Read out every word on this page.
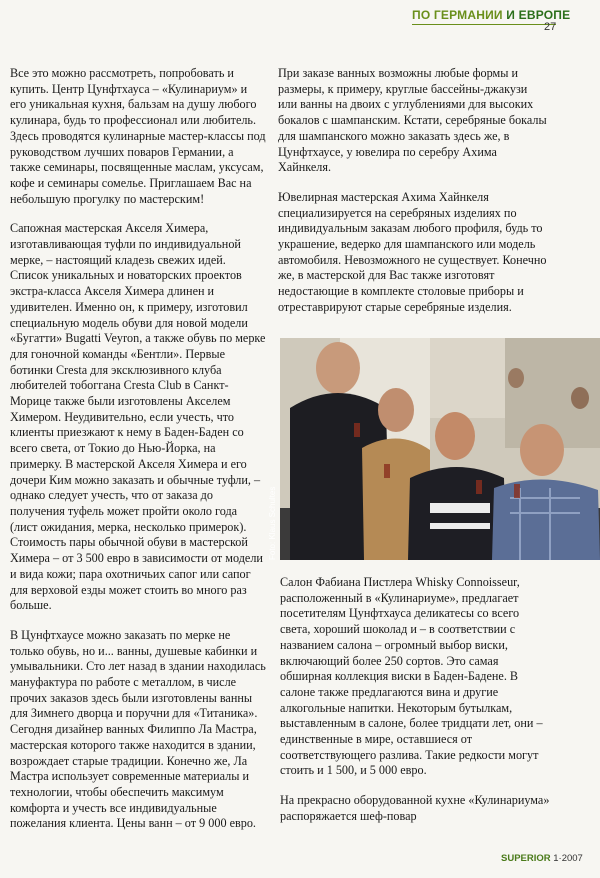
ПО ГЕРМАНИИ И ЕВРОПЕ
27

Все это можно рассмотреть, попробовать и купить. Центр Цунфтхауса – «Кулинариум» и его уникальная кухня, бальзам на душу любого кулинара, будь то профессионал или любитель. Здесь проводятся кулинарные мастер-классы под руководством лучших поваров Германии, а также семинары, посвященные маслам, уксусам, кофе и семинары сомелье. Приглашаем Вас на небольшую прогулку по мастерским!

Сапожная мастерская Акселя Химера, изготавливающая туфли по индивидуальной мерке, – настоящий кладезь свежих идей. Список уникальных и новаторских проектов экстра-класса Акселя Химера длинен и удивителен. Именно он, к примеру, изготовил специальную модель обуви для новой модели «Бугатти» Bugatti Veyron, а также обувь по мерке для гоночной команды «Бентли». Первые ботинки Cresta для эксклюзивного клуба любителей тобоггана Cresta Club в Санкт-Морице также были изготовлены Акселем Химером. Неудивительно, если учесть, что клиенты приезжают к нему в Баден-Баден со всего света, от Токио до Нью-Йорка, на примерку. В мастерской Акселя Химера и его дочери Ким можно заказать и обычные туфли, – однако следует учесть, что от заказа до получения туфель может пройти около года (лист ожидания, мерка, несколько примерок). Стоимость пары обычной обуви в мастерской Химера – от 3 500 евро в зависимости от модели и вида кожи; пара охотничьих сапог или сапог для верховой езды может стоить во много раз больше.

В Цунфтхаусе можно заказать по мерке не только обувь, но и... ванны, душевые кабинки и умывальники. Сто лет назад в здании находилась мануфактура по работе с металлом, в числе прочих заказов здесь были изготовлены ванны для Зимнего дворца и поручни для «Титаника». Сегодня дизайнер ванных Филиппо Ла Мастра, мастерская которого также находится в здании, возрождает старые традиции. Конечно же, Ла Мастра использует современные материалы и технологии, чтобы обеспечить максимум комфорта и учесть все индивидуальные пожелания клиента. Цены ванн – от 9 000 евро.

При заказе ванных возможны любые формы и размеры, к примеру, круглые бассейны-джакузи или ванны на двоих с углублениями для высоких бокалов с шампанским. Кстати, серебряные бокалы для шампанского можно заказать здесь же, в Цунфтхаусе, у ювелира по серебру Ахима Хайнкеля.

Ювелирная мастерская Ахима Хайнкеля специализируется на серебряных изделиях по индивидуальным заказам любого профиля, будь то украшение, ведерко для шампанского или модель автомобиля. Невозможного не существует. Конечно же, в мастерской для Вас также изготовят недостающие в комплекте столовые приборы и отреставрируют старые серебряные изделия.

Foto: Klaus Schultes

Салон Фабиана Пистлера Whisky Connoisseur, расположенный в «Кулинариуме», предлагает посетителям Цунфтхауса деликатесы со всего света, хороший шоколад и – в соответствии с названием салона – огромный выбор виски, включающий более 250 сортов. Это самая обширная коллекция виски в Баден-Бадене. В салоне также предлагаются вина и другие алкогольные напитки. Некоторым бутылкам, выставленным в салоне, более тридцати лет, они – единственные в мире, оставшиеся от соответствующего разлива. Такие редкости могут стоить и 1 500, и 5 000 евро.

На прекрасно оборудованной кухне «Кулинариума» распоряжается шеф-повар

SUPERIOR 1·2007
